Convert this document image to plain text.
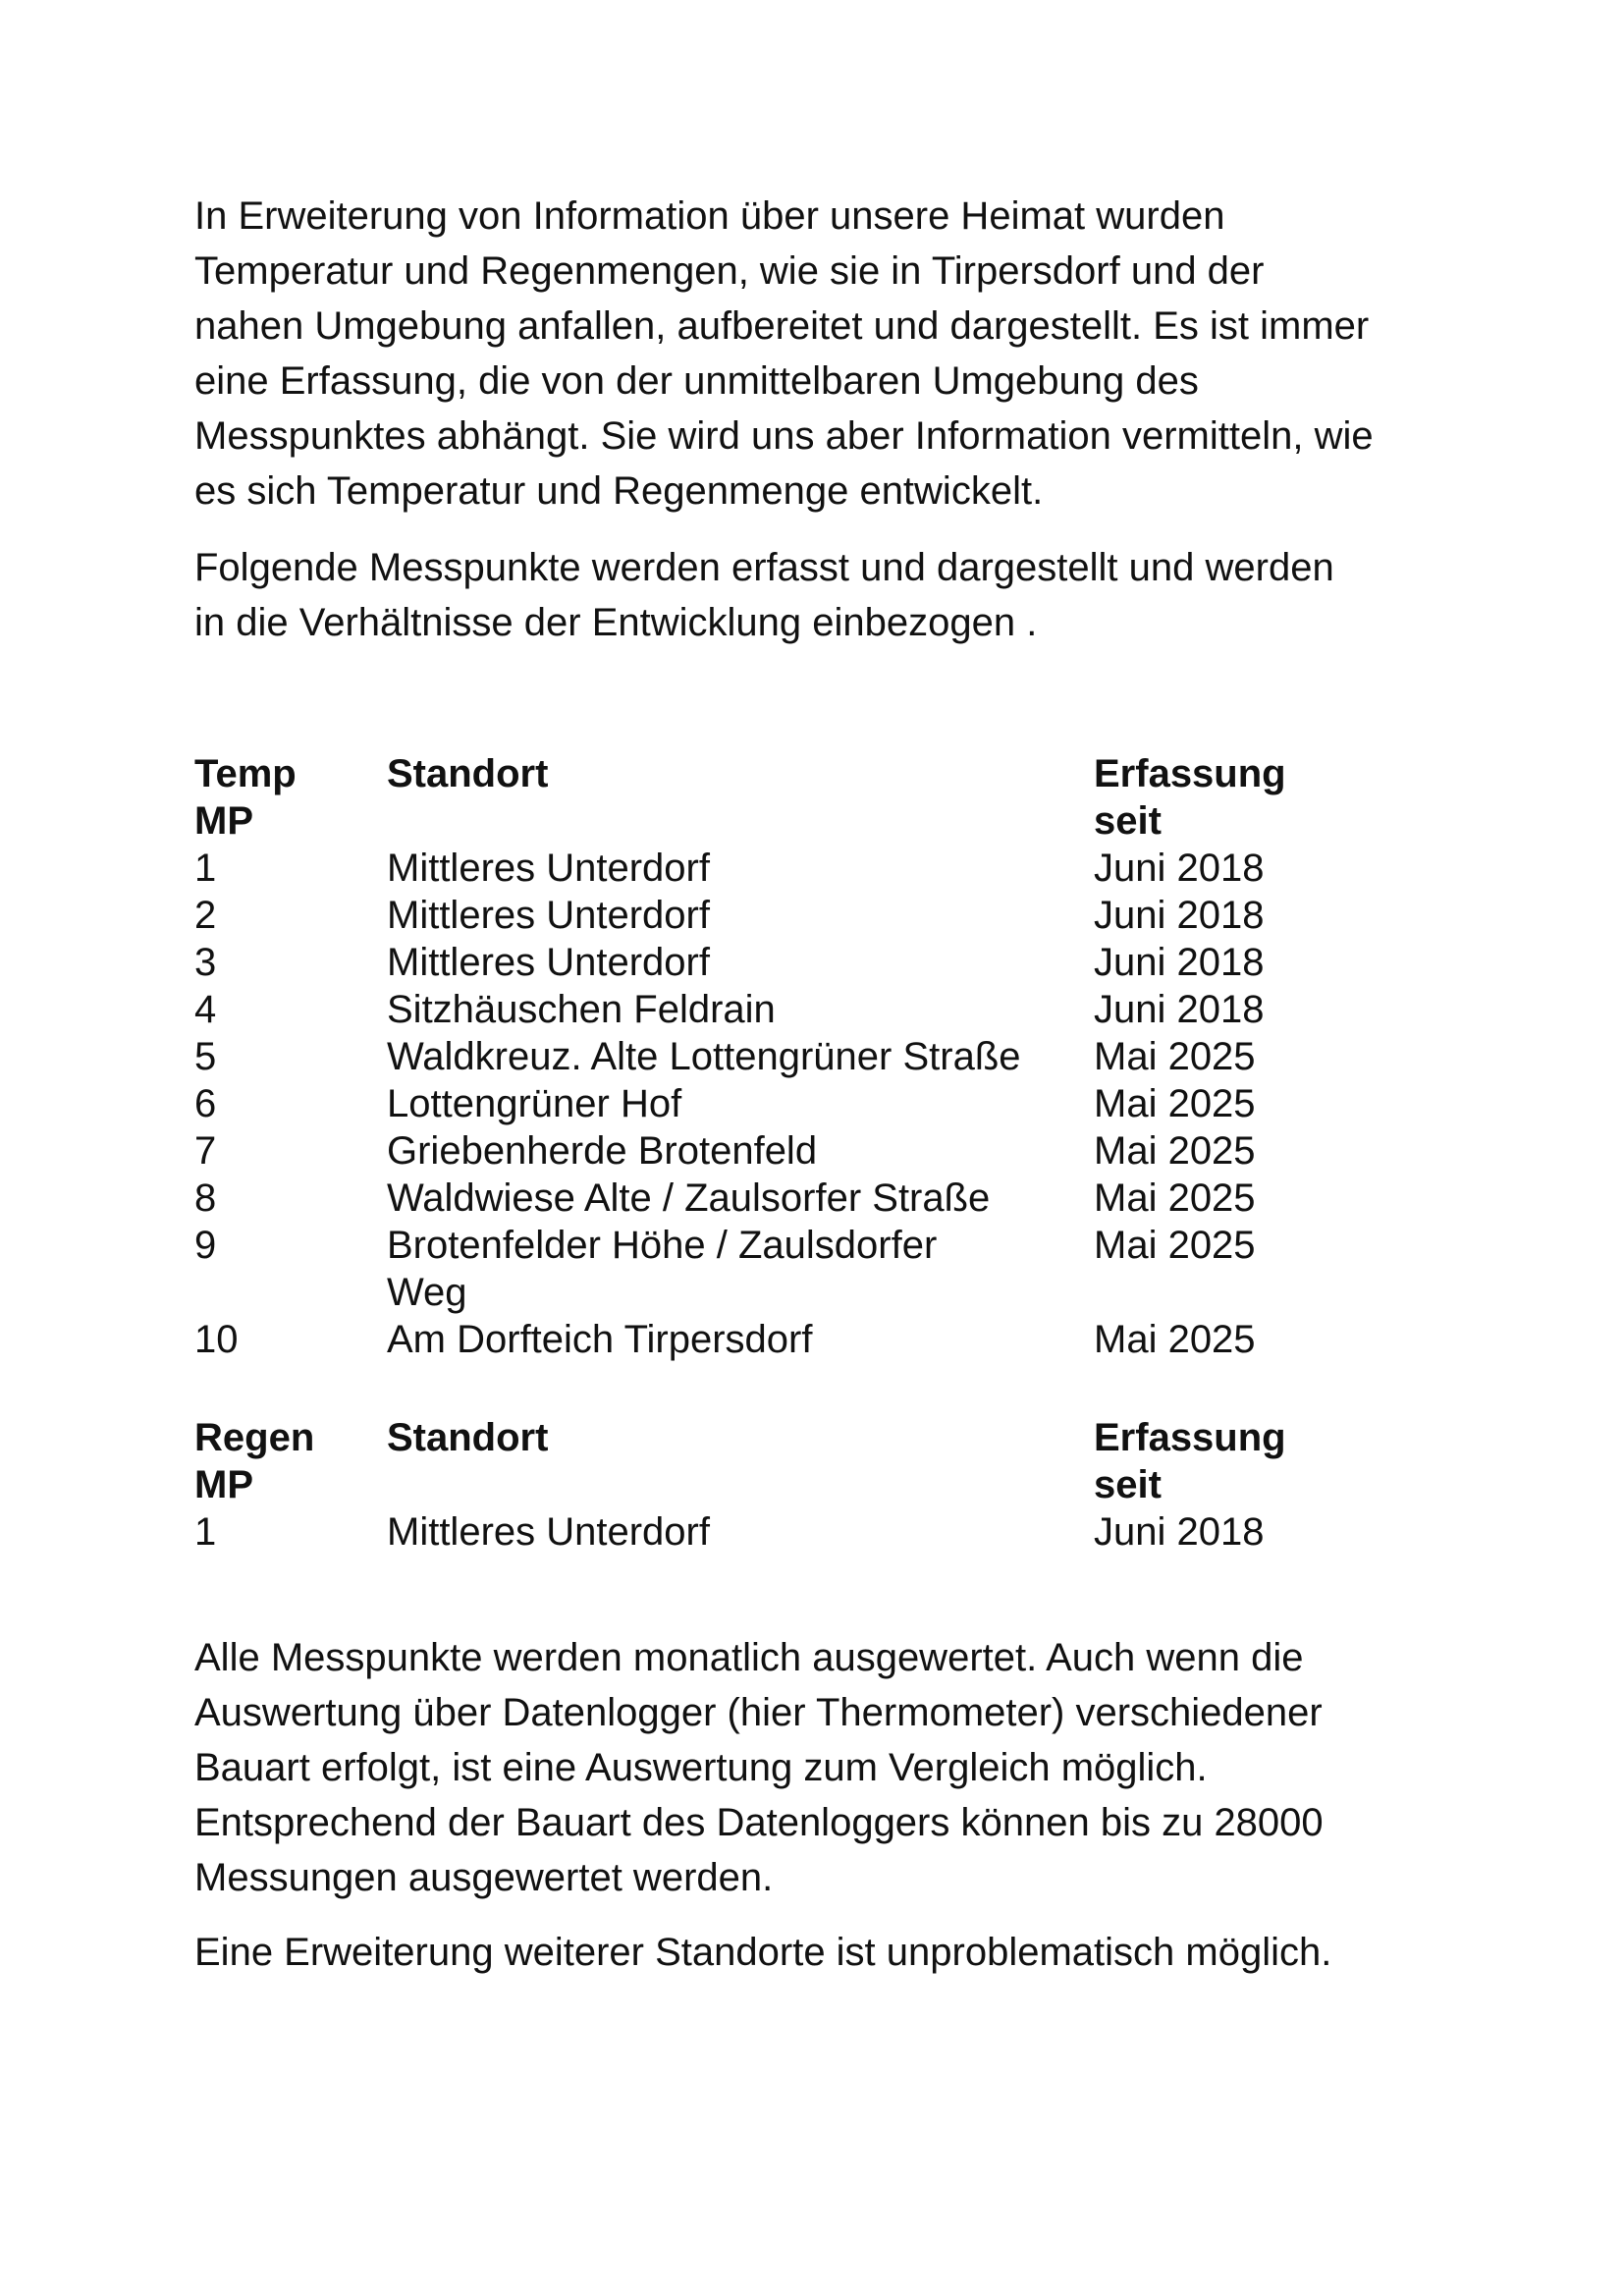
In Erweiterung von Information über unsere Heimat wurden
Temperatur und Regenmengen, wie sie in Tirpersdorf und der
nahen Umgebung anfallen, aufbereitet und dargestellt. Es ist immer
eine Erfassung, die von der unmittelbaren Umgebung des
Messpunktes abhängt. Sie wird uns aber Information vermitteln, wie
es sich Temperatur und Regenmenge entwickelt.

Folgende Messpunkte werden erfasst und dargestellt und werden
in die Verhältnisse der Entwicklung einbezogen .

Temp
MP	Standort	Erfassung
seit

1	Mittleres Unterdorf	Juni 2018
2	Mittleres Unterdorf	Juni 2018
3	Mittleres Unterdorf	Juni 2018
4	Sitzhäuschen Feldrain	Juni 2018
5	Waldkreuz. Alte Lottengrüner Straße	Mai 2025
6	Lottengrüner Hof	Mai 2025
7	Griebenherde Brotenfeld	Mai 2025
8	Waldwiese Alte / Zaulsorfer Straße	Mai 2025
9	Brotenfelder Höhe / Zaulsdorfer
Weg	Mai 2025
10	Am Dorfteich Tirpersdorf	Mai 2025
Regen
MP	Standort	Erfassung
seit

1	Mittleres Unterdorf	Juni 2018

Alle Messpunkte werden monatlich ausgewertet. Auch wenn die
Auswertung über Datenlogger (hier Thermometer) verschiedener
Bauart erfolgt, ist eine Auswertung zum Vergleich möglich.
Entsprechend der Bauart des Datenloggers können bis zu 28000
Messungen ausgewertet werden.

Eine Erweiterung weiterer Standorte ist unproblematisch möglich.
